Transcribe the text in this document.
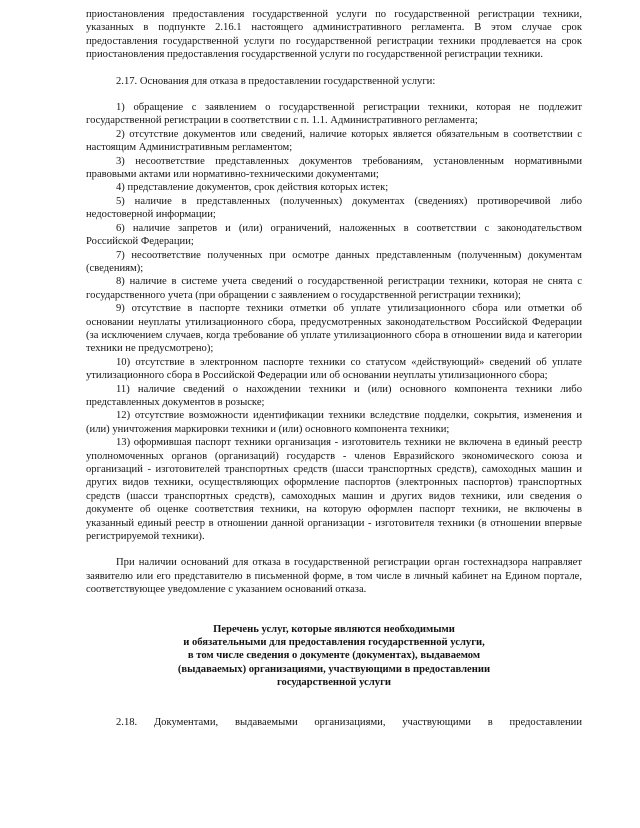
приостановления предоставления государственной услуги по государственной регистрации техники, указанных в подпункте 2.16.1 настоящего административного регламента. В этом случае срок предоставления государственной услуги по государственной регистрации техники продлевается на срок приостановления предоставления государственной услуги по государственной регистрации техники.

2.17. Основания для отказа в предоставлении государственной услуги:

1) обращение с заявлением о государственной регистрации техники, которая не подлежит государственной регистрации в соответствии с п. 1.1. Административного регламента;

2) отсутствие документов или сведений, наличие которых является обязательным в соответствии с настоящим Административным регламентом;

3) несоответствие представленных документов требованиям, установленным нормативными правовыми актами или нормативно-техническими документами;

4) представление документов, срок действия которых истек;

5) наличие в представленных (полученных) документах (сведениях) противоречивой либо недостоверной информации;

6) наличие запретов и (или) ограничений, наложенных в соответствии с законодательством Российской Федерации;

7) несоответствие полученных при осмотре данных представленным (полученным) документам (сведениям);

8) наличие в системе учета сведений о государственной регистрации техники, которая не снята с государственного учета (при обращении с заявлением о государственной регистрации техники);

9) отсутствие в паспорте техники отметки об уплате утилизационного сбора или отметки об основании неуплаты утилизационного сбора, предусмотренных законодательством Российской Федерации (за исключением случаев, когда требование об уплате утилизационного сбора в отношении вида и категории техники не предусмотрено);

10) отсутствие в электронном паспорте техники со статусом «действующий» сведений об уплате утилизационного сбора в Российской Федерации или об основании неуплаты утилизационного сбора;

11) наличие сведений о нахождении техники и (или) основного компонента техники либо представленных документов в розыске;

12) отсутствие возможности идентификации техники вследствие подделки, сокрытия, изменения и (или) уничтожения маркировки техники и (или) основного компонента техники;

13) оформившая паспорт техники организация - изготовитель техники не включена в единый реестр уполномоченных органов (организаций) государств - членов Евразийского экономического союза и организаций - изготовителей транспортных средств (шасси транспортных средств), самоходных машин и других видов техники, осуществляющих оформление паспортов (электронных паспортов) транспортных средств (шасси транспортных средств), самоходных машин и других видов техники, или сведения о документе об оценке соответствия техники, на которую оформлен паспорт техники, не включены в указанный единый реестр в отношении данной организации - изготовителя техники (в отношении впервые регистрируемой техники).

При наличии оснований для отказа в государственной регистрации орган гостехнадзора направляет заявителю или его представителю в письменной форме, в том числе в личный кабинет на Едином портале, соответствующее уведомление с указанием оснований отказа.

Перечень услуг, которые являются необходимыми
и обязательными для предоставления государственной услуги,
в том числе сведения о документе (документах), выдаваемом
(выдаваемых) организациями, участвующими в предоставлении
государственной услуги

2.18. Документами, выдаваемыми организациями, участвующими в предоставлении
